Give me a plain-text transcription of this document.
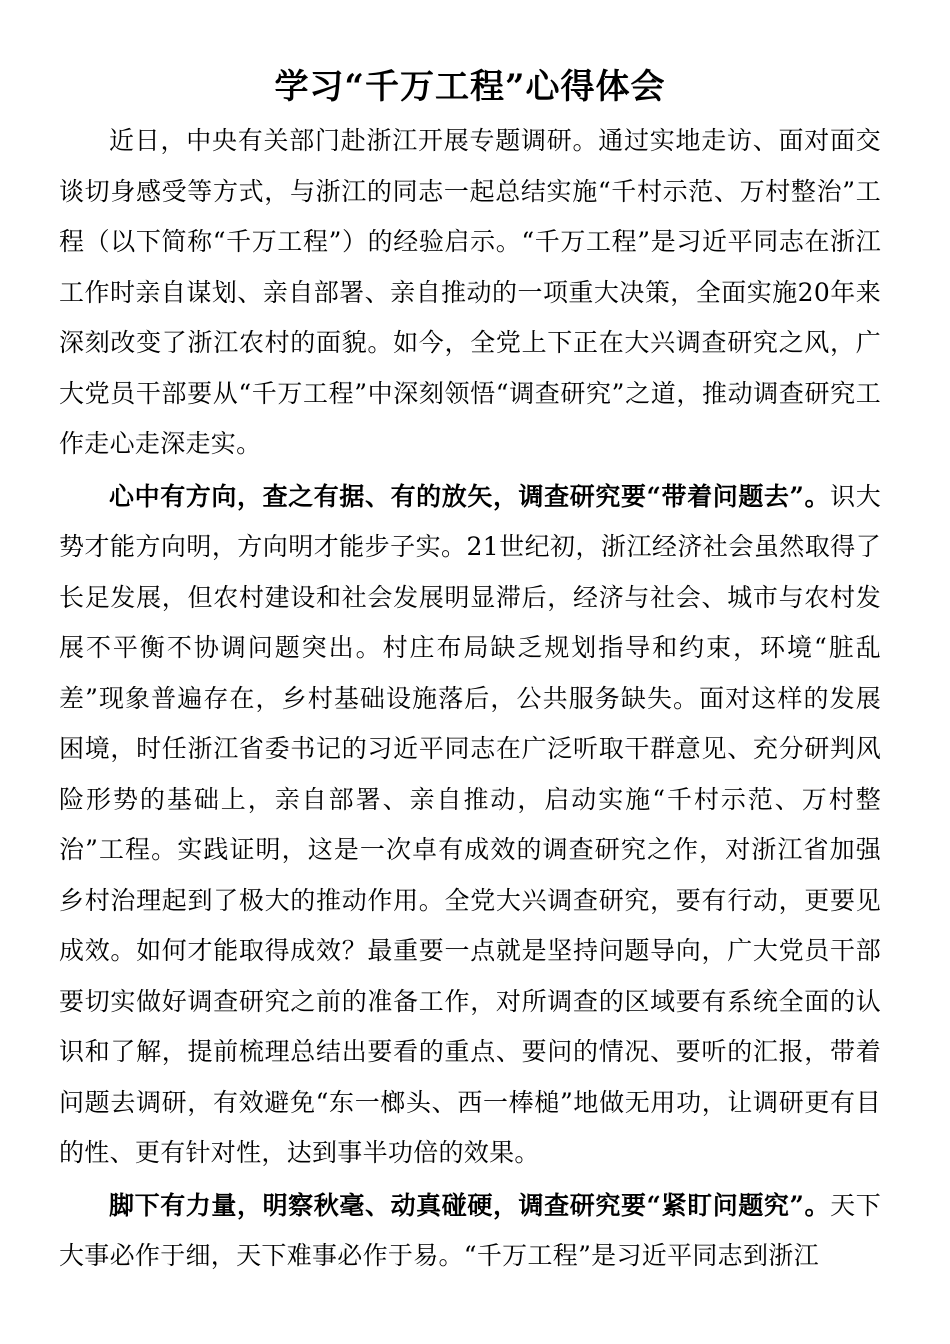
学习“千万工程”心得体会

近日，中央有关部门赴浙江开展专题调研。通过实地走访、面对面交谈切身感受等方式，与浙江的同志一起总结实施“千村示范、万村整治”工程（以下简称“千万工程”）的经验启示。“千万工程”是习近平同志在浙江工作时亲自谋划、亲自部署、亲自推动的一项重大决策，全面实施20年来深刻改变了浙江农村的面貌。如今，全党上下正在大兴调查研究之风，广大党员干部要从“千万工程”中深刻领悟“调查研究”之道，推动调查研究工作走心走深走实。

心中有方向，查之有据、有的放矢，调查研究要“带着问题去”。识大势才能方向明，方向明才能步子实。21世纪初，浙江经济社会虽然取得了长足发展，但农村建设和社会发展明显滞后，经济与社会、城市与农村发展不平衡不协调问题突出。村庄布局缺乏规划指导和约束，环境“脏乱差”现象普遍存在，乡村基础设施落后，公共服务缺失。面对这样的发展困境，时任浙江省委书记的习近平同志在广泛听取干群意见、充分研判风险形势的基础上，亲自部署、亲自推动，启动实施“千村示范、万村整治”工程。实践证明，这是一次卓有成效的调查研究之作，对浙江省加强乡村治理起到了极大的推动作用。全党大兴调查研究，要有行动，更要见成效。如何才能取得成效？最重要一点就是坚持问题导向，广大党员干部要切实做好调查研究之前的准备工作，对所调查的区域要有系统全面的认识和了解，提前梳理总结出要看的重点、要问的情况、要听的汇报，带着问题去调研，有效避免“东一榔头、西一棒槌”地做无用功，让调研更有目的性、更有针对性，达到事半功倍的效果。

脚下有力量，明察秋毫、动真碰硬，调查研究要“紧盯问题究”。天下大事必作于细，天下难事必作于易。“千万工程”是习近平同志到浙江
